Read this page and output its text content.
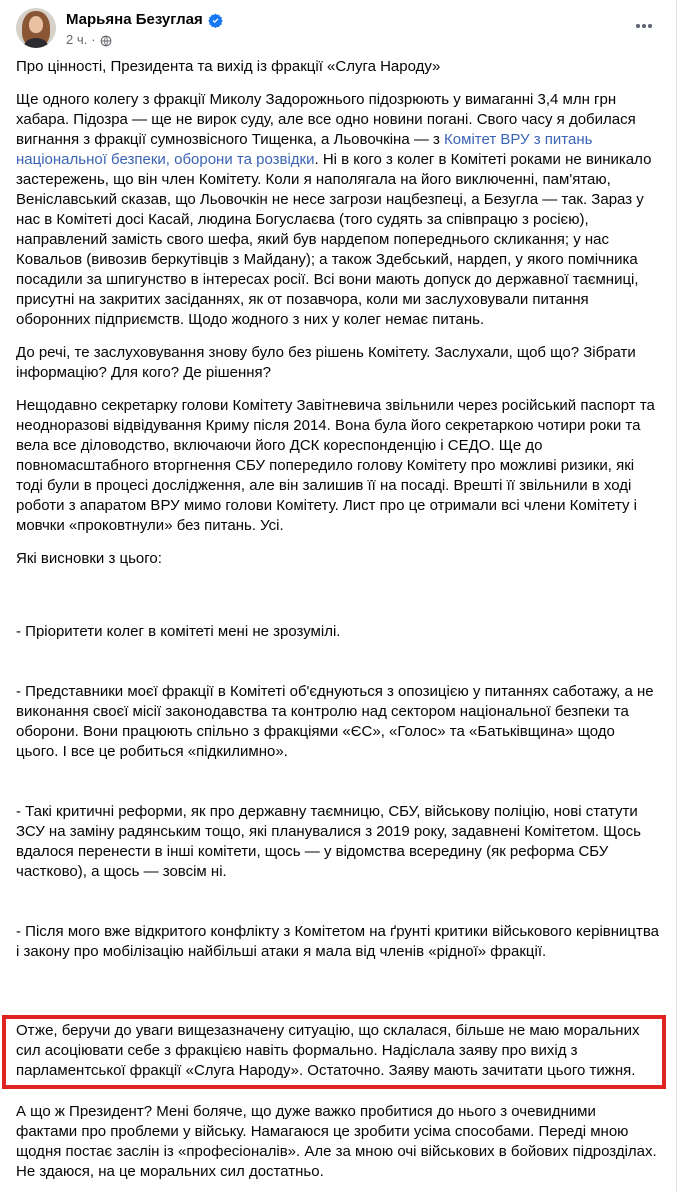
Марьяна Безуглая
2 ч. ·
Про цінності, Президента та вихід із фракції «Слуга Народу»
Ще одного колегу з фракції Миколу Задорожнього підозрюють у вимаганні 3,4 млн грн хабара. Підозра — ще не вирок суду, але все одно новини погані. Свого часу я добилася вигнання з фракції сумнозвісного Тищенка, а Льовочкіна — з Комітет ВРУ з питань національної безпеки, оборони та розвідки. Ні в кого з колег в Комітеті роками не виникало застережень, що він член Комітету. Коли я наполягала на його виключенні, пам'ятаю, Веніславський сказав, що Льовочкін не несе загрози нацбезпеці, а Безугла — так. Зараз у нас в Комітеті досі Касай, людина Богуслаєва (того судять за співпрацю з росією), направлений замість свого шефа, який був нардепом попереднього скликання; у нас Ковальов (вивозив беркутівців з Майдану); а також Здебський, нардеп, у якого помічника посадили за шпигунство в інтересах росії. Всі вони мають допуск до державної таємниці, присутні на закритих засіданнях, як от позавчора, коли ми заслуховували питання оборонних підприємств. Щодо жодного з них у колег немає питань.
До речі, те заслуховування знову було без рішень Комітету. Заслухали, щоб що? Зібрати інформацію? Для кого? Де рішення?
Нещодавно секретарку голови Комітету Завітневича звільнили через російський паспорт та неодноразові відвідування Криму після 2014. Вона була його секретаркою чотири роки та вела все діловодство, включаючи його ДСК кореспонденцію і СЕДО. Ще до повномасштабного вторгнення СБУ попередило голову Комітету про можливі ризики, які тоді були в процесі дослідження, але він залишив її на посаді. Врешті її звільнили в ході роботи з апаратом ВРУ мимо голови Комітету. Лист про це отримали всі члени Комітету і мовчки «проковтнули» без питань. Усі.
Які висновки з цього:

- Пріоритети колег в комітеті мені не зрозумілі.

- Представники моєї фракції в Комітеті об'єднуються з опозицією у питаннях саботажу, а не виконання своєї місії законодавства та контролю над сектором національної безпеки та оборони. Вони працюють спільно з фракціями «ЄС», «Голос» та «Батьківщина» щодо цього. І все це робиться «підкилимно».

- Такі критичні реформи, як про державну таємницю, СБУ, військову поліцію, нові статути ЗСУ на заміну радянським тощо, які планувалися з 2019 року, задавнені Комітетом. Щось вдалося перенести в інші комітети, щось — у відомства всередину (як реформа СБУ частково), а щось — зовсім ні.

- Після мого вже відкритого конфлікту з Комітетом на ґрунті критики військового керівництва і закону про мобілізацію найбільші атаки я мала від членів «рідної» фракції.

Отже, беручи до уваги вищезазначену ситуацію, що склалася, більше не маю моральних сил асоціювати себе з фракцією навіть формально. Надіслала заяву про вихід з парламентської фракції «Слуга Народу». Остаточно. Заяву мають зачитати цього тижня.
А що ж Президент? Мені боляче, що дуже важко пробитися до нього з очевидними фактами про проблеми у війську. Намагаюся це зробити усіма способами. Переді мною щодня постає заслін із «професіоналів». Але за мною очі військових в бойових підрозділах. Не здаюся, на це моральних сил достатньо.
